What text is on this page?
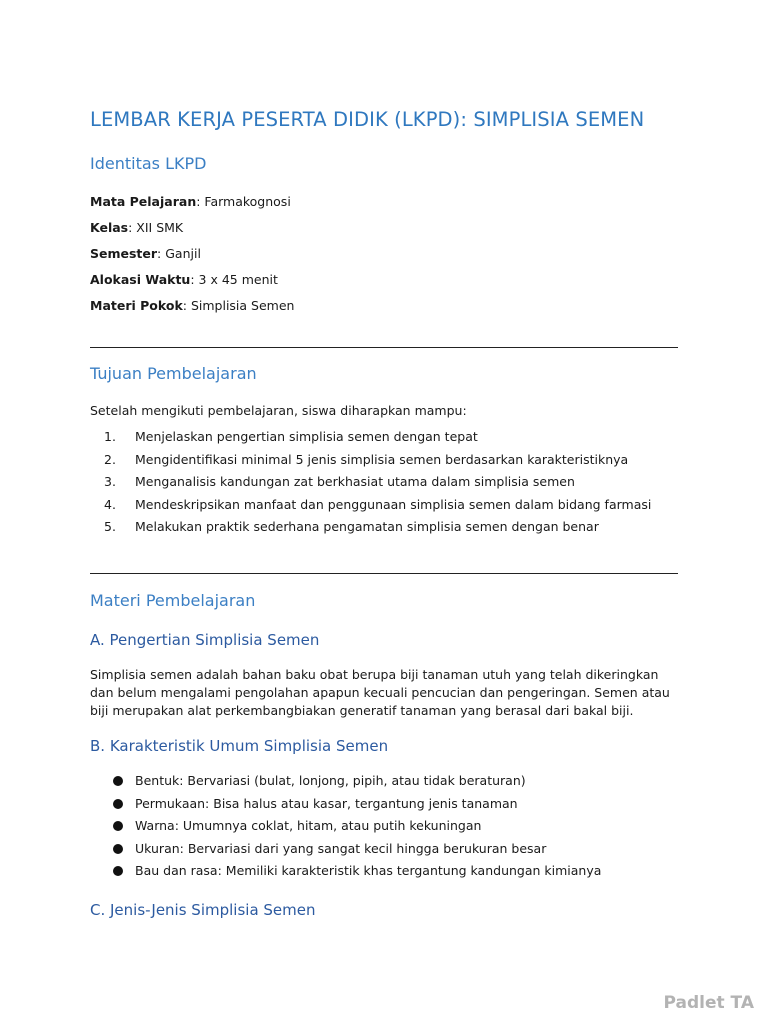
LEMBAR KERJA PESERTA DIDIK (LKPD): SIMPLISIA SEMEN
Identitas LKPD
Mata Pelajaran: Farmakognosi
Kelas: XII SMK
Semester: Ganjil
Alokasi Waktu: 3 x 45 menit
Materi Pokok: Simplisia Semen
Tujuan Pembelajaran

Setelah mengikuti pembelajaran, siswa diharapkan mampu:

1.	Menjelaskan pengertian simplisia semen dengan tepat
2.	Mengidentifikasi minimal 5 jenis simplisia semen berdasarkan karakteristiknya
3.	Menganalisis kandungan zat berkhasiat utama dalam simplisia semen
4.	Mendeskripsikan manfaat dan penggunaan simplisia semen dalam bidang farmasi
5.	Melakukan praktik sederhana pengamatan simplisia semen dengan benar
Materi Pembelajaran
A. Pengertian Simplisia Semen

Simplisia semen adalah bahan baku obat berupa biji tanaman utuh yang telah dikeringkan dan belum mengalami pengolahan apapun kecuali pencucian dan pengeringan. Semen atau biji merupakan alat perkembangbiakan generatif tanaman yang berasal dari bakal biji.

B. Karakteristik Umum Simplisia Semen
Bentuk: Bervariasi (bulat, lonjong, pipih, atau tidak beraturan)
Permukaan: Bisa halus atau kasar, tergantung jenis tanaman
Warna: Umumnya coklat, hitam, atau putih kekuningan
Ukuran: Bervariasi dari yang sangat kecil hingga berukuran besar
Bau dan rasa: Memiliki karakteristik khas tergantung kandungan kimianya
C. Jenis-Jenis Simplisia Semen
Padlet TA
